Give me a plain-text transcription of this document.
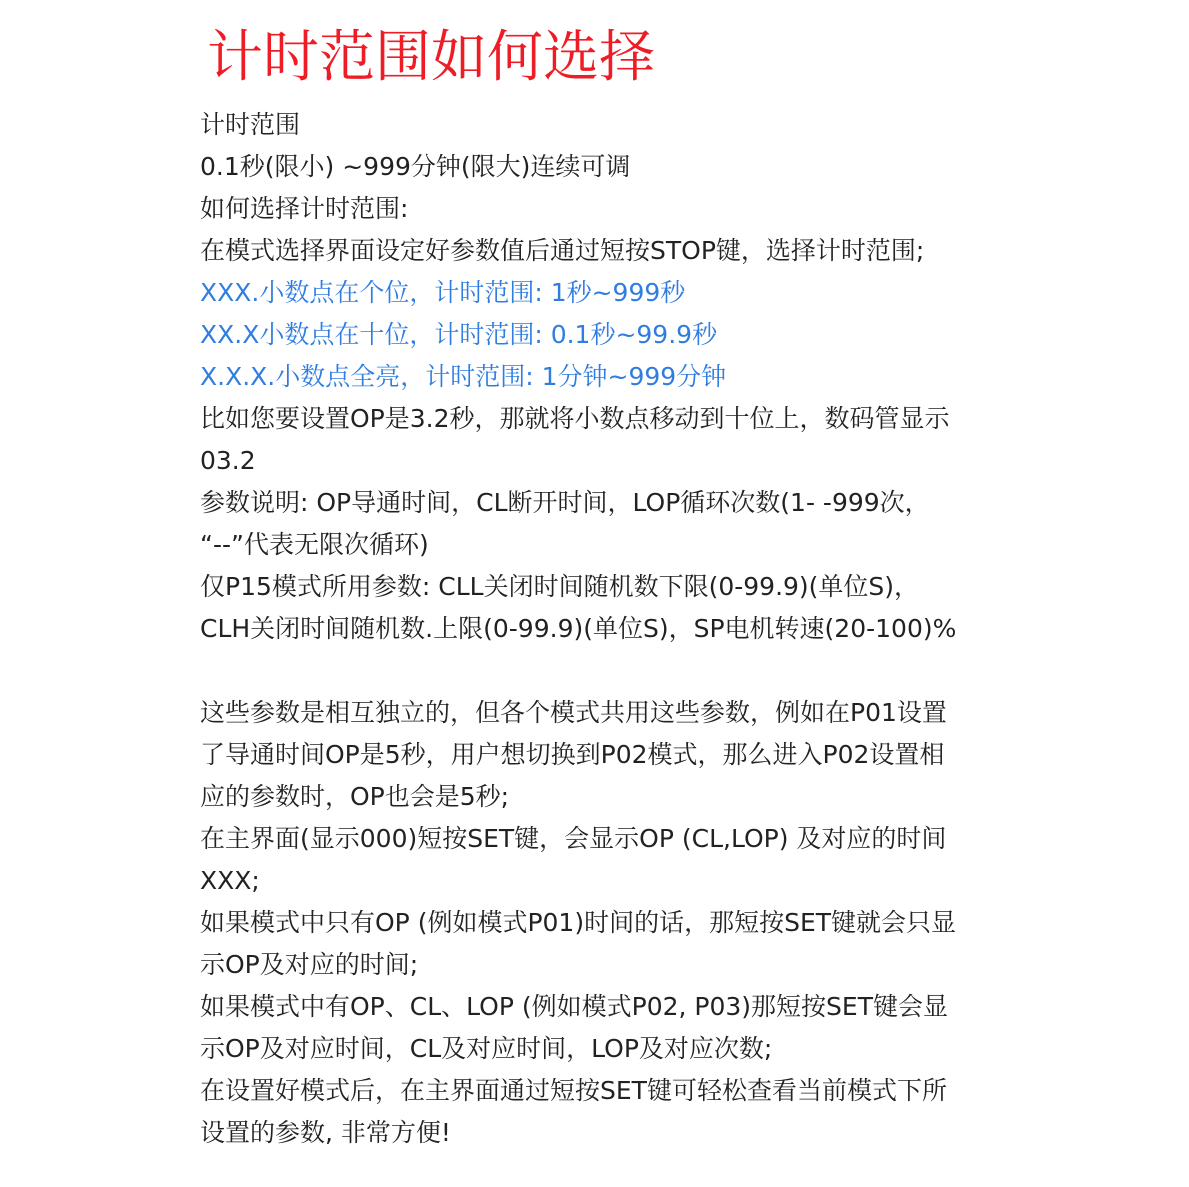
计时范围如何选择
计时范围
0.1秒(限小) ~999分钟(限大)连续可调
如何选择计时范围:
在模式选择界面设定好参数值后通过短按STOP键，选择计时范围;
XXX.小数点在个位，计时范围: 1秒~999秒
XX.X小数点在十位，计时范围: 0.1秒~99.9秒
X.X.X.小数点全亮，计时范围: 1分钟~999分钟
比如您要设置OP是3.2秒，那就将小数点移动到十位上，数码管显示
03.2
参数说明: OP导通时间，CL断开时间，LOP循环次数(1- -999次，
“--”代表无限次循环)
仅P15模式所用参数: CLL关闭时间随机数下限(0-99.9)(单位S)，
CLH关闭时间随机数.上限(0-99.9)(单位S)，SP电机转速(20-100)%
这些参数是相互独立的，但各个模式共用这些参数，例如在P01设置
了导通时间OP是5秒，用户想切换到P02模式，那么进入P02设置相
应的参数时，OP也会是5秒;
在主界面(显示000)短按SET键，会显示OP (CL,LOP) 及对应的时间
XXX;
如果模式中只有OP (例如模式P01)时间的话，那短按SET键就会只显
示OP及对应的时间;
如果模式中有OP、CL、LOP (例如模式P02, P03)那短按SET键会显
示OP及对应时间，CL及对应时间，LOP及对应次数;
在设置好模式后，在主界面通过短按SET键可轻松查看当前模式下所
设置的参数, 非常方便!
